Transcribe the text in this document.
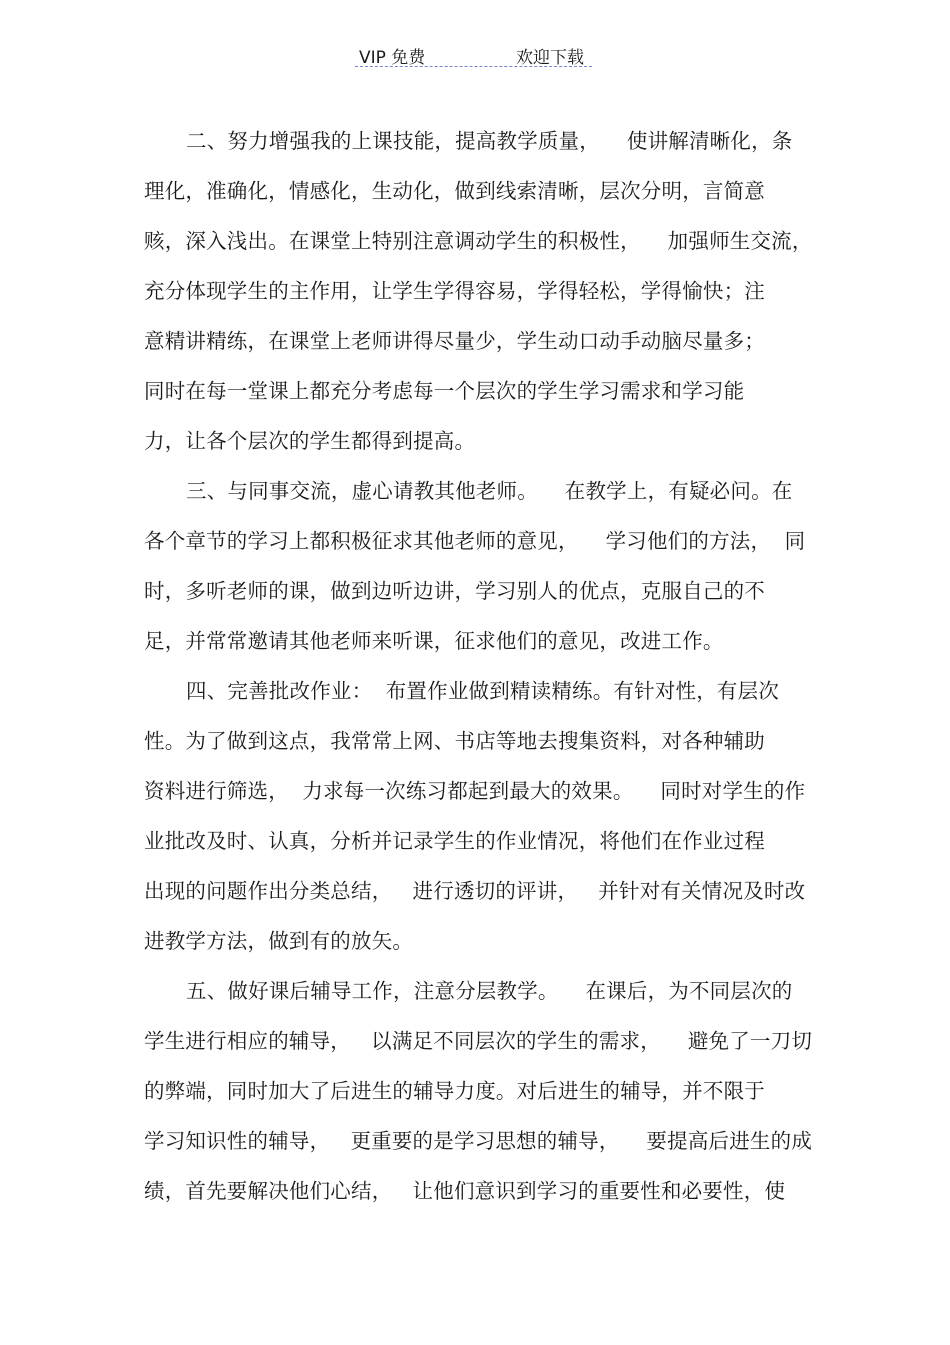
VIP 免费	欢迎下载
二、努力增强我的上课技能，提高教学质量，    使讲解清晰化，条
理化，准确化，情感化，生动化，做到线索清晰，层次分明，言简意
赅，深入浅出。在课堂上特别注意调动学生的积极性，    加强师生交流，
充分体现学生的主作用，让学生学得容易，学得轻松，学得愉快；注
意精讲精练，在课堂上老师讲得尽量少，学生动口动手动脑尽量多；
同时在每一堂课上都充分考虑每一个层次的学生学习需求和学习能
力，让各个层次的学生都得到提高。
三、与同事交流，虚心请教其他老师。    在教学上，有疑必问。在
各个章节的学习上都积极征求其他老师的意见，    学习他们的方法，  同
时，多听老师的课，做到边听边讲，学习别人的优点，克服自己的不
足，并常常邀请其他老师来听课，征求他们的意见，改进工作。
四、完善批改作业：  布置作业做到精读精练。有针对性，有层次
性。为了做到这点，我常常上网、书店等地去搜集资料，对各种辅助
资料进行筛选，  力求每一次练习都起到最大的效果。    同时对学生的作
业批改及时、认真，分析并记录学生的作业情况，将他们在作业过程
出现的问题作出分类总结，   进行透切的评讲，   并针对有关情况及时改
进教学方法，做到有的放矢。
五、做好课后辅导工作，注意分层教学。    在课后，为不同层次的
学生进行相应的辅导，   以满足不同层次的学生的需求，    避免了一刀切
的弊端，同时加大了后进生的辅导力度。对后进生的辅导，并不限于
学习知识性的辅导，   更重要的是学习思想的辅导，    要提高后进生的成
绩，首先要解决他们心结，   让他们意识到学习的重要性和必要性，使
